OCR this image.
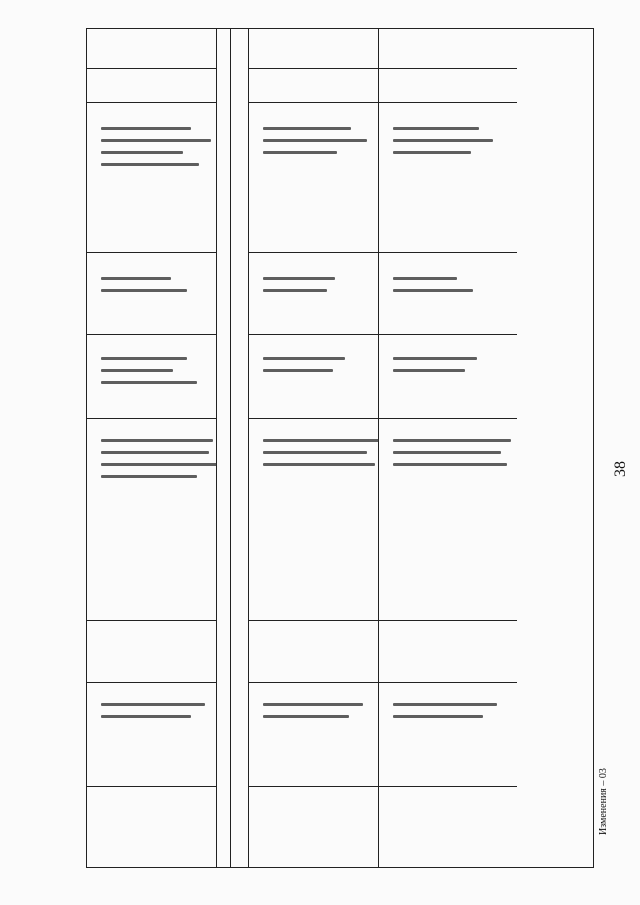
38
Изменения – 03
